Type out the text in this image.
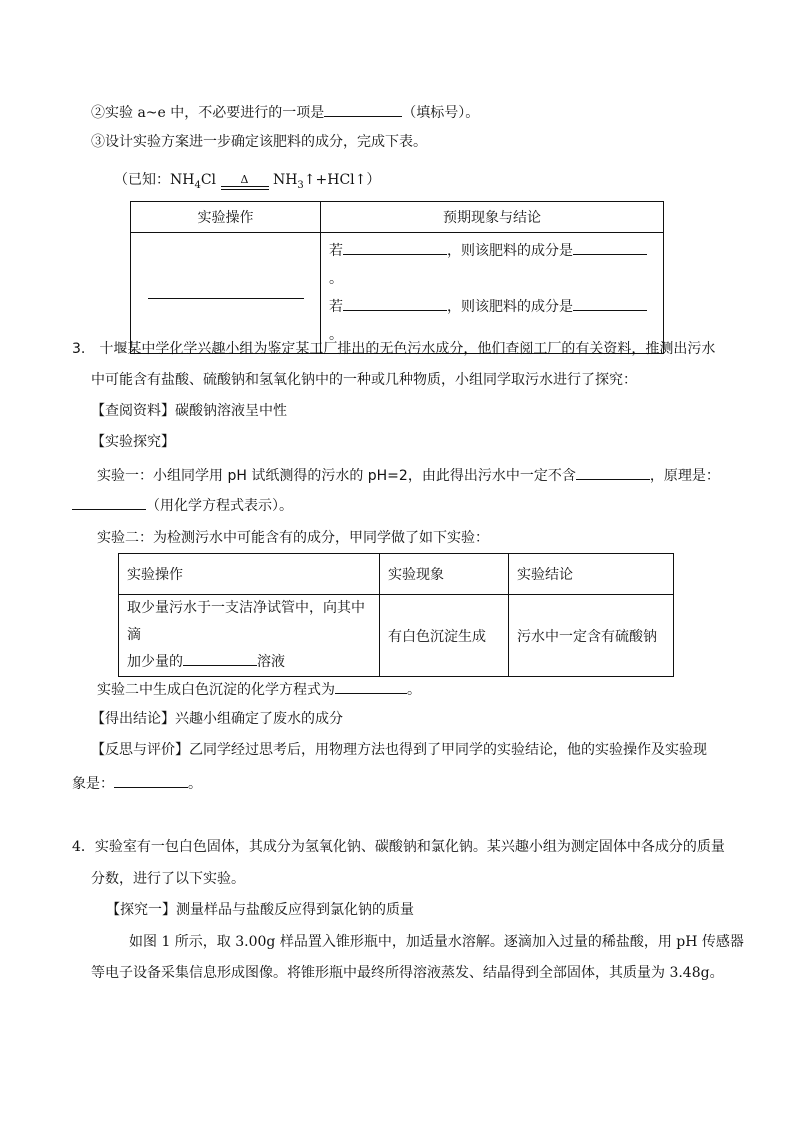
②实验 a~e 中，不必要进行的一项是	（填标号）。
③设计实验方案进一步确定该肥料的成分，完成下表。
（已知：$NH_4Cl$	Δ	$NH_3↑+HCl↑$）
实验操作	预期现象与结论

	若 ，则该肥料的成分是。
若 ，则该肥料的成分是。
3.　十堰某中学化学兴趣小组为鉴定某工厂排出的无色污水成分，他们查阅工厂的有关资料，推测出污水
中可能含有盐酸、硫酸钠和氢氧化钠中的一种或几种物质，小组同学取污水进行了探究：
【查阅资料】碳酸钠溶液呈中性
【实验探究】
实验一：小组同学用 pH 试纸测得的污水的 pH=2，由此得出污水中一定不含	，原理是：
（用化学方程式表示）。
实验二：为检测污水中可能含有的成分，甲同学做了如下实验：
实验操作	实验现象	实验结论

取少量污水于一支洁净试管中，向其中滴
加少量的 溶液	有白色沉淀生成	污水中一定含有硫酸钠
实验二中生成白色沉淀的化学方程式为	。
【得出结论】兴趣小组确定了废水的成分
【反思与评价】乙同学经过思考后，用物理方法也得到了甲同学的实验结论，他的实验操作及实验现
象是：	。
4．实验室有一包白色固体，其成分为氢氧化钠、碳酸钠和氯化钠。某兴趣小组为测定固体中各成分的质量
分数，进行了以下实验。
【探究一】测量样品与盐酸反应得到氯化钠的质量
如图 1 所示，取 3.00g 样品置入锥形瓶中，加适量水溶解。逐滴加入过量的稀盐酸，用 pH 传感器
等电子设备采集信息形成图像。将锥形瓶中最终所得溶液蒸发、结晶得到全部固体，其质量为 3.48g。
